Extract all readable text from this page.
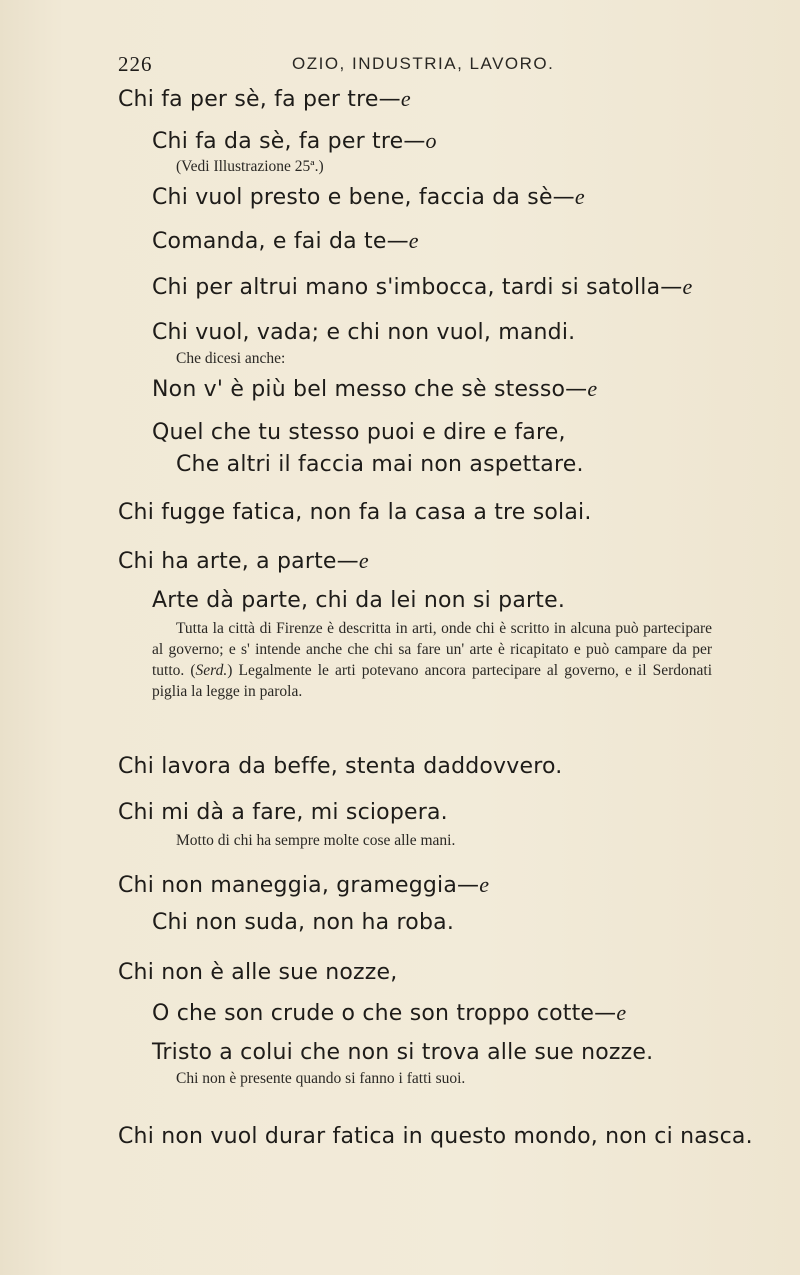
226	OZIO, INDUSTRIA, LAVORO.
Chi fa per sè, fa per tre—e
Chi fa da sè, fa per tre—o
(Vedi Illustrazione 25ª.)
Chi vuol presto e bene, faccia da sè—e
Comanda, e fai da te—e
Chi per altrui mano s'imbocca, tardi si satolla—e
Chi vuol, vada; e chi non vuol, mandi.
Che dicesi anche:
Non v' è più bel messo che sè stesso—e
Quel che tu stesso puoi e dire e fare,
Che altri il faccia mai non aspettare.
Chi fugge fatica, non fa la casa a tre solai.
Chi ha arte, a parte—e
Arte dà parte, chi da lei non si parte.
Tutta la città di Firenze è descritta in arti, onde chi è scritto in alcuna può partecipare al governo; e s' intende anche che chi sa fare un' arte è ricapitato e può campare da per tutto. (Serd.) Legalmente le arti potevano ancora partecipare al governo, e il Serdonati piglia la legge in parola.
Chi lavora da beffe, stenta daddovvero.
Chi mi dà a fare, mi sciopera.
Motto di chi ha sempre molte cose alle mani.
Chi non maneggia, grameggia—e
Chi non suda, non ha roba.
Chi non è alle sue nozze,
O che son crude o che son troppo cotte—e
Tristo a colui che non si trova alle sue nozze.
Chi non è presente quando si fanno i fatti suoi.
Chi non vuol durar fatica in questo mondo, non ci nasca.
